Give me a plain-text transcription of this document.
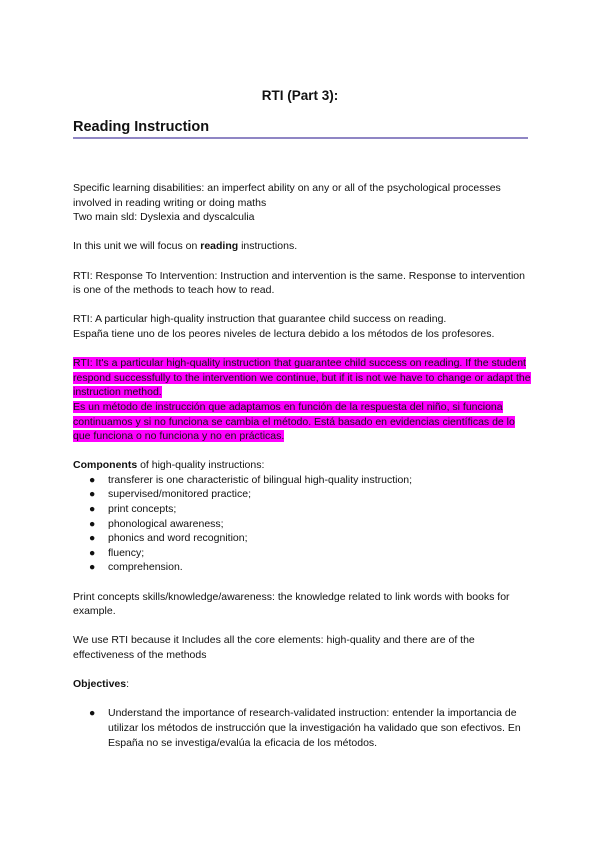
RTI (Part 3):
Reading Instruction

Specific learning disabilities: an imperfect ability on any or all of the psychological processes involved in reading writing or doing maths
Two main sld: Dyslexia and dyscalculia

In this unit we will focus on reading instructions.

RTI: Response To Intervention: Instruction and intervention is the same. Response to intervention is one of the methods to teach how to read.

RTI: A particular high-quality instruction that guarantee child success on reading.
España tiene uno de los peores niveles de lectura debido a los métodos de los profesores.

RTI: It's a particular high-quality instruction that guarantee child success on reading. If the student respond successfully to the intervention we continue, but if it is not we have to change or adapt the instruction method.
Es un método de instrucción que adaptamos en función de la respuesta del niño, si funciona continuamos y si no funciona se cambia el método. Está basado en evidencias científicas de lo que funciona o no funciona y no en prácticas.

Components of high-quality instructions:
● transferer is one characteristic of bilingual high-quality instruction;
● supervised/monitored practice;
● print concepts;
● phonological awareness;
● phonics and word recognition;
● fluency;
● comprehension.

Print concepts skills/knowledge/awareness: the knowledge related to link words with books for example.

We use RTI because it Includes all the core elements: high-quality and there are of the effectiveness of the methods

Objectives:

● Understand the importance of research-validated instruction: entender la importancia de utilizar los métodos de instrucción que la investigación ha validado que son efectivos. En España no se investiga/evalúa la eficacia de los métodos.
